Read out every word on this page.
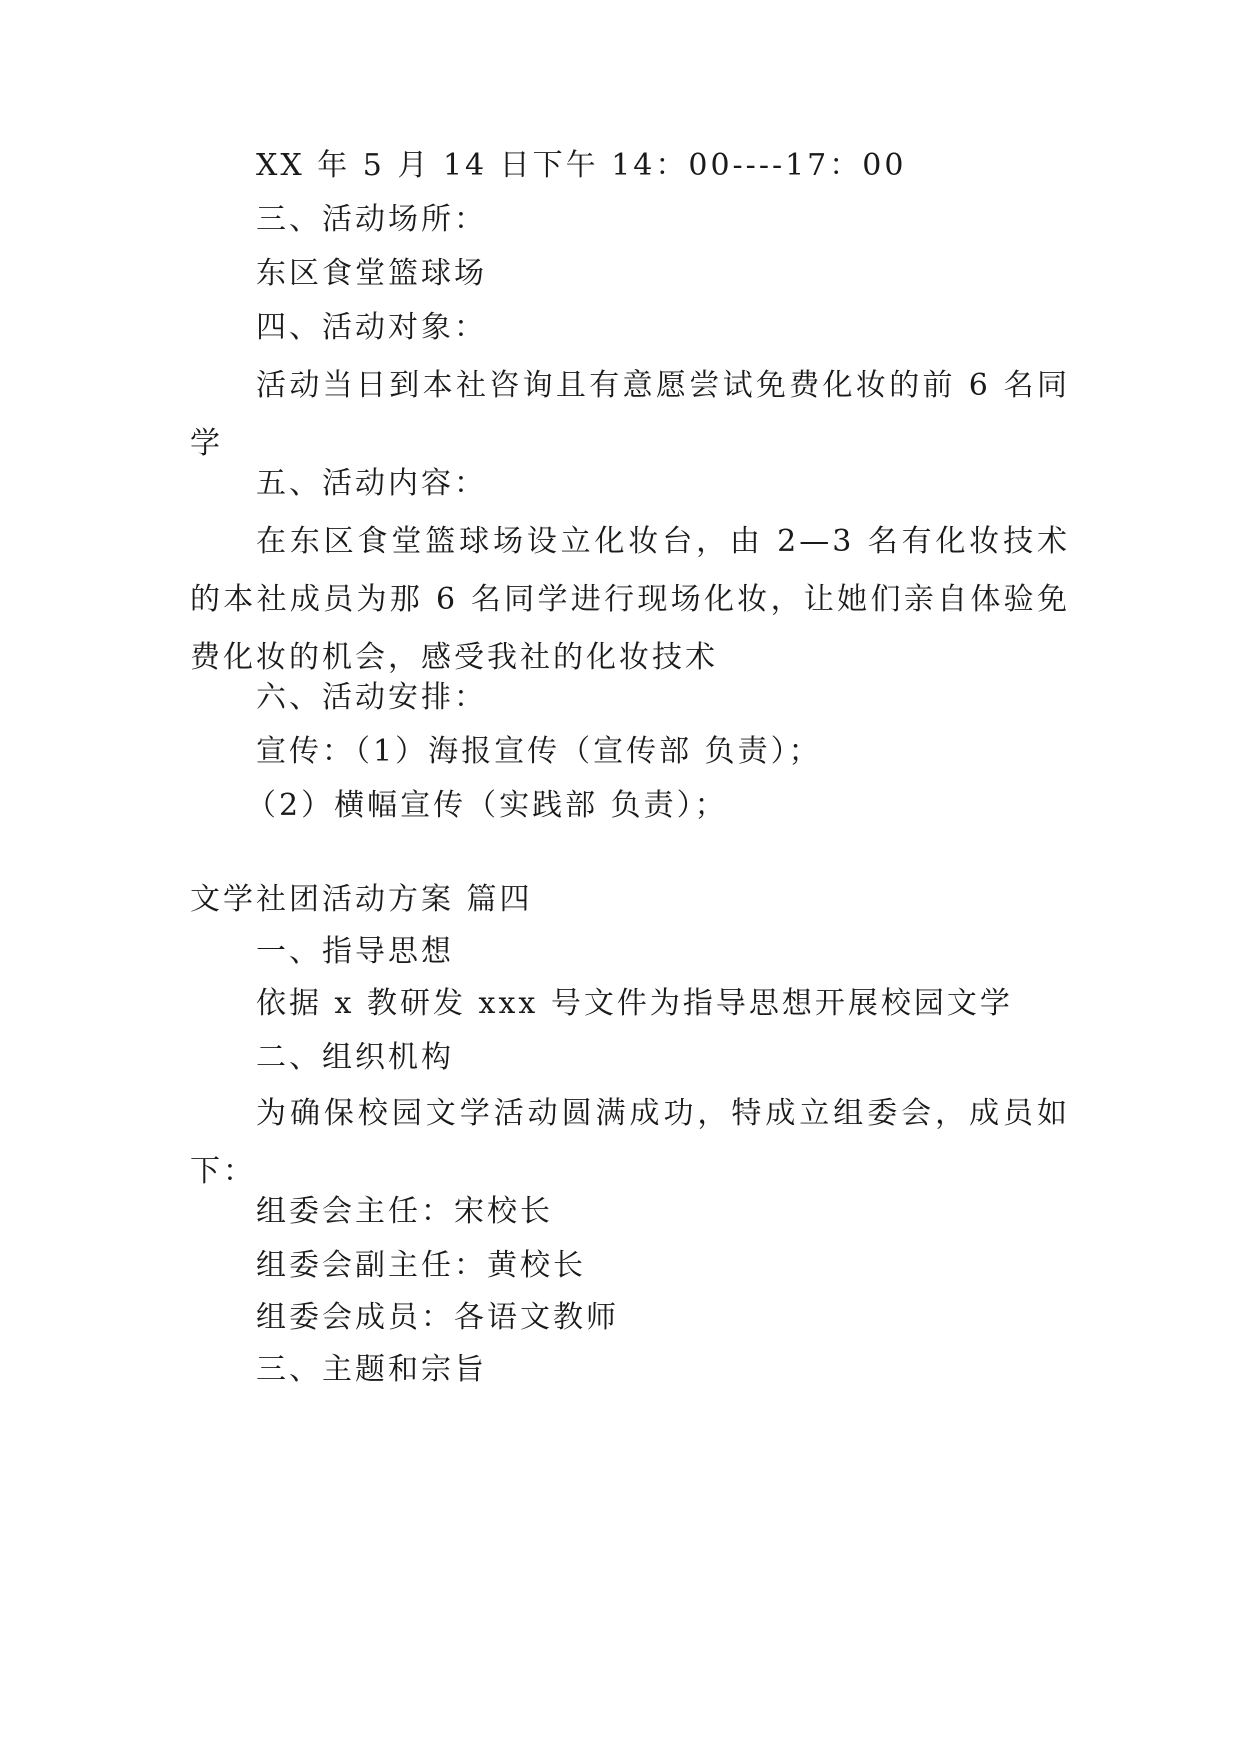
XX 年 5 月 14 日下午 14：00----17：00
三、活动场所：
东区食堂篮球场
四、活动对象：
活动当日到本社咨询且有意愿尝试免费化妆的前 6 名同学
五、活动内容：
在东区食堂篮球场设立化妆台，由 2—3 名有化妆技术的本社成员为那 6 名同学进行现场化妆，让她们亲自体验免费化妆的机会，感受我社的化妆技术
六、活动安排：
宣传：（1）海报宣传（宣传部 负责）；
（2）横幅宣传（实践部 负责）；
文学社团活动方案 篇四
一、指导思想
依据 x 教研发 xxx 号文件为指导思想开展校园文学
二、组织机构
为确保校园文学活动圆满成功，特成立组委会，成员如下：
组委会主任：宋校长
组委会副主任：黄校长
组委会成员：各语文教师
三、主题和宗旨
